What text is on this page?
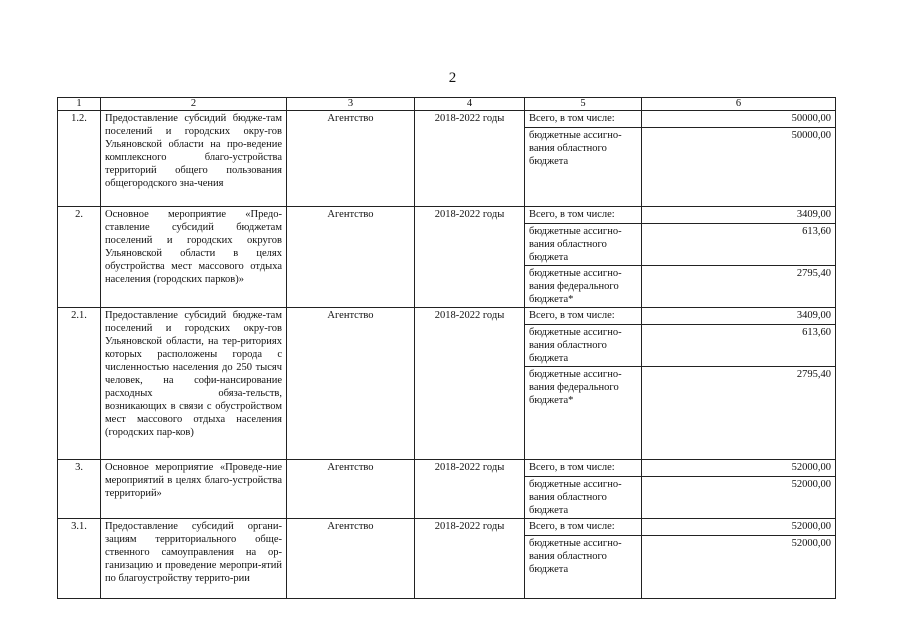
2
1	2	3	4	5	6
1.2.	Предоставление субсидий бюдже-там поселений и городских окру-гов Ульяновской области на про-ведение комплексного благо-устройства территорий общего пользования общегородского зна-чения	Агентство	2018-2022 годы	Всего, в том числе:	50000,00
				бюджетные ассигно-вания областного бюджета	50000,00
2.	Основное мероприятие «Предо-ставление субсидий бюджетам поселений и городских округов Ульяновской области в целях обустройства мест массового отдыха населения (городских парков)»	Агентство	2018-2022 годы	Всего, в том числе:	3409,00
				бюджетные ассигно-вания областного бюджета	613,60
				бюджетные ассигно-вания федерального бюджета*	2795,40
2.1.	Предоставление субсидий бюдже-там поселений и городских окру-гов Ульяновской области, на тер-риториях которых расположены города с численностью населения до 250 тысяч человек, на софи-нансирование расходных обяза-тельств, возникающих в связи с обустройством мест массового отдыха населения (городских пар-ков)	Агентство	2018-2022 годы	Всего, в том числе:	3409,00
				бюджетные ассигно-вания областного бюджета	613,60
				бюджетные ассигно-вания федерального бюджета*	2795,40
3.	Основное мероприятие «Проведе-ние мероприятий в целях благо-устройства территорий»	Агентство	2018-2022 годы	Всего, в том числе:	52000,00
				бюджетные ассигно-вания областного бюджета	52000,00
3.1.	Предоставление субсидий органи-зациям территориального обще-ственного самоуправления на ор-ганизацию и проведение меропри-ятий по благоустройству террито-рии	Агентство	2018-2022 годы	Всего, в том числе:	52000,00
				бюджетные ассигно-вания областного бюджета	52000,00
